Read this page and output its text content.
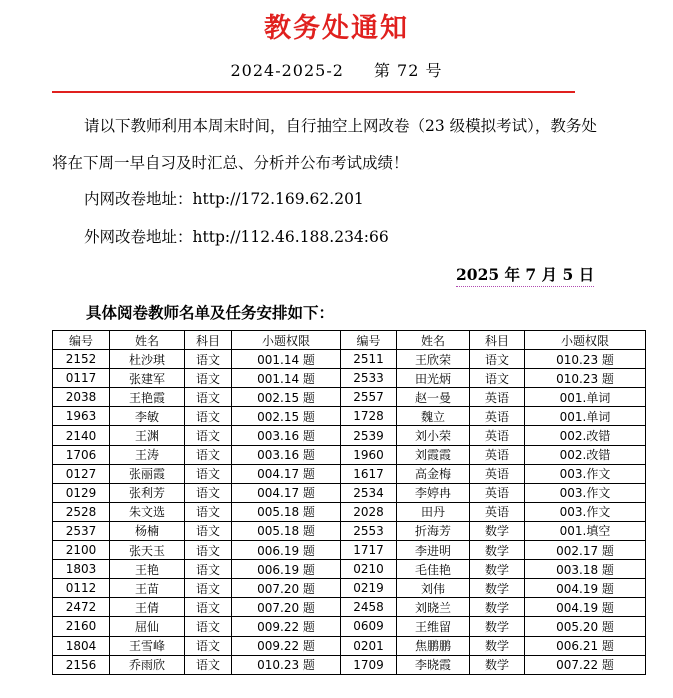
教务处通知
2024-2025-2 第 72 号
请以下教师利用本周末时间，自行抽空上网改卷（23 级模拟考试），教务处
将在下周一早自习及时汇总、分析并公布考试成绩！
内网改卷地址：http://172.169.62.201
外网改卷地址：http://112.46.188.234:66
2025 年 7 月 5 日
具体阅卷教师名单及任务安排如下：
编号	姓名	科目	小题权限	编号	姓名	科目	小题权限
2152	杜沙琪	语文	001.14 题	2511	王欣荣	语文	010.23 题
0117	张建军	语文	001.14 题	2533	田光炳	语文	010.23 题
2038	王艳霞	语文	002.15 题	2557	赵一曼	英语	001.单词
1963	李敏	语文	002.15 题	1728	魏立	英语	001.单词
2140	王渊	语文	003.16 题	2539	刘小荣	英语	002.改错
1706	王涛	语文	003.16 题	1960	刘霞霞	英语	002.改错
0127	张丽霞	语文	004.17 题	1617	高金梅	英语	003.作文
0129	张利芳	语文	004.17 题	2534	李婷冉	英语	003.作文
2528	朱文选	语文	005.18 题	2028	田丹	英语	003.作文
2537	杨楠	语文	005.18 题	2553	折海芳	数学	001.填空
2100	张天玉	语文	006.19 题	1717	李进明	数学	002.17 题
1803	王艳	语文	006.19 题	0210	毛佳艳	数学	003.18 题
0112	王苗	语文	007.20 题	0219	刘伟	数学	004.19 题
2472	王倩	语文	007.20 题	2458	刘晓兰	数学	004.19 题
2160	屈仙	语文	009.22 题	0609	王维留	数学	005.20 题
1804	王雪峰	语文	009.22 题	0201	焦鹏鹏	数学	006.21 题
2156	乔雨欣	语文	010.23 题	1709	李晓霞	数学	007.22 题
